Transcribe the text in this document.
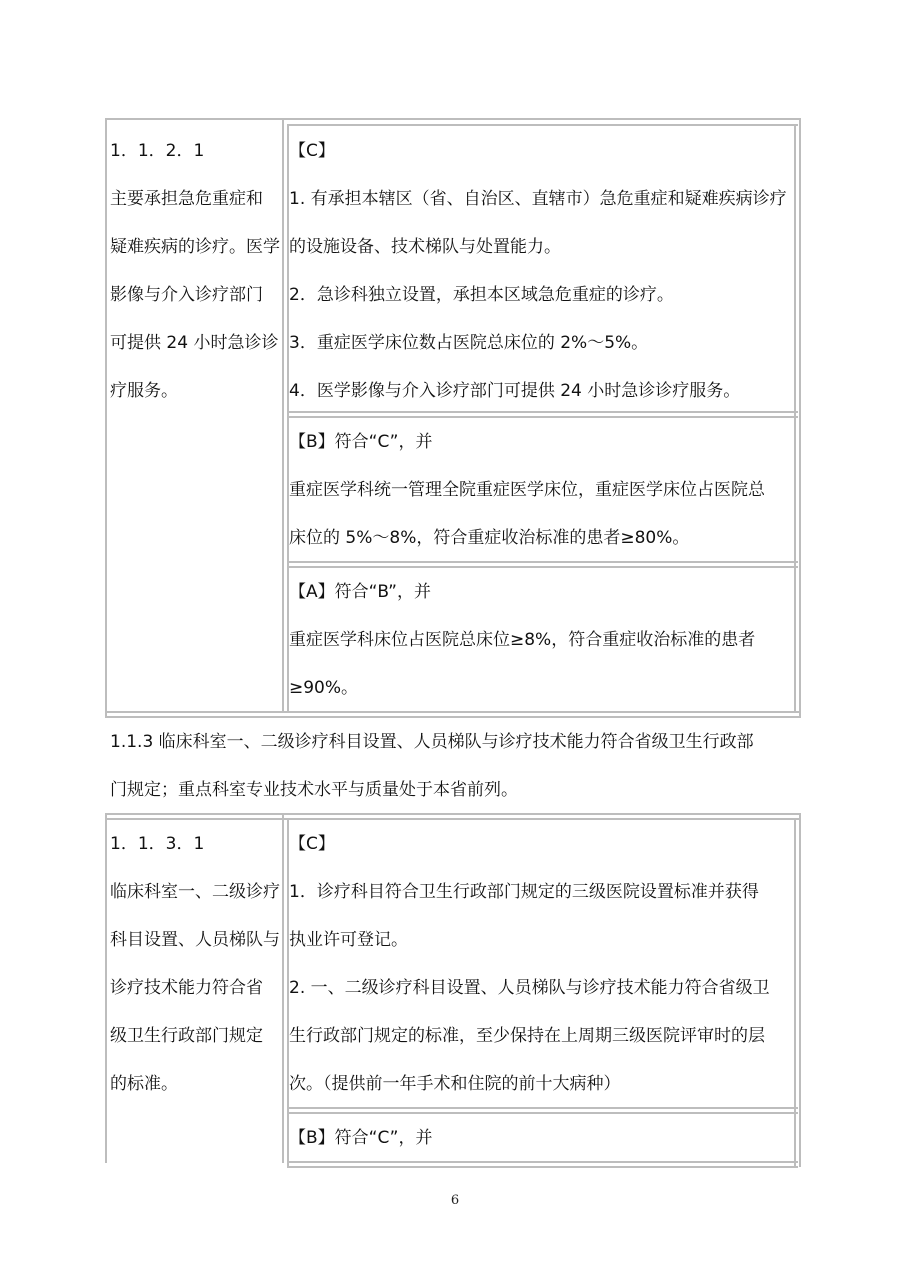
1．1．2．1

主要承担急危重症和

疑难疾病的诊疗。医学

影像与介入诊疗部门

可提供 24 小时急诊诊

疗服务。

【C】

1. 有承担本辖区（省、自治区、直辖市）急危重症和疑难疾病诊疗

的设施设备、技术梯队与处置能力。

2．急诊科独立设置，承担本区域急危重症的诊疗。

3．重症医学床位数占医院总床位的 2%～5%。

4．医学影像与介入诊疗部门可提供 24 小时急诊诊疗服务。

【B】符合“C”，并

重症医学科统一管理全院重症医学床位，重症医学床位占医院总

床位的 5%～8%，符合重症收治标准的患者≥80%。

【A】符合“B”，并

重症医学科床位占医院总床位≥8%，符合重症收治标准的患者

≥90%。

1.1.3 临床科室一、二级诊疗科目设置、人员梯队与诊疗技术能力符合省级卫生行政部

门规定；重点科室专业技术水平与质量处于本省前列。

1．1．3．1

临床科室一、二级诊疗

科目设置、人员梯队与

诊疗技术能力符合省

级卫生行政部门规定

的标准。

【C】

1．诊疗科目符合卫生行政部门规定的三级医院设置标准并获得

执业许可登记。

2. 一、二级诊疗科目设置、人员梯队与诊疗技术能力符合省级卫

生行政部门规定的标准，至少保持在上周期三级医院评审时的层

次。（提供前一年手术和住院的前十大病种）

【B】符合“C”，并

6
